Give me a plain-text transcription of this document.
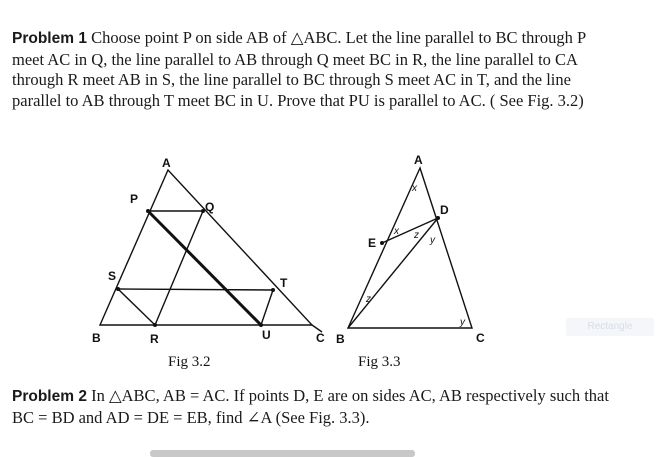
Problem 1 Choose point P on side AB of △ABC. Let the line parallel to BC through P meet AC in Q, the line parallel to AB through Q meet BC in R, the line parallel to CA through R meet AB in S, the line parallel to BC through S meet AC in T, and the line parallel to AB through T meet BC in U. Prove that PU is parallel to AC. ( See Fig. 3.2)
A
B	C
P
Q
R
S	T
U
Fig 3.2
A
B	C
D
E
x
x z
z
y
y
Fig 3.3
Rectangle
Problem 2 In △ABC, AB = AC. If points D, E are on sides AC, AB respectively such that BC = BD and AD = DE = EB, find ∠A (See Fig. 3.3).
